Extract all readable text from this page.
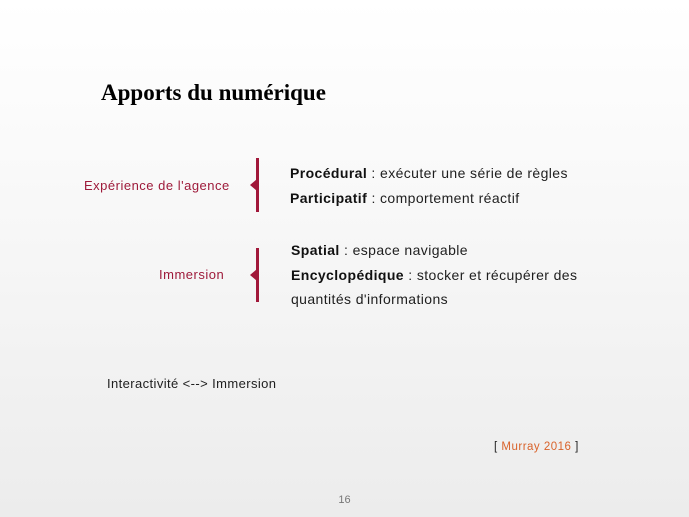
Apports du numérique
Expérience de l'agence
Procédural : exécuter une série de règles
Participatif : comportement réactif
Immersion
Spatial : espace navigable
Encyclopédique : stocker et récupérer des
quantités d'informations
Interactivité <--> Immersion
[ Murray 2016 ]
16
